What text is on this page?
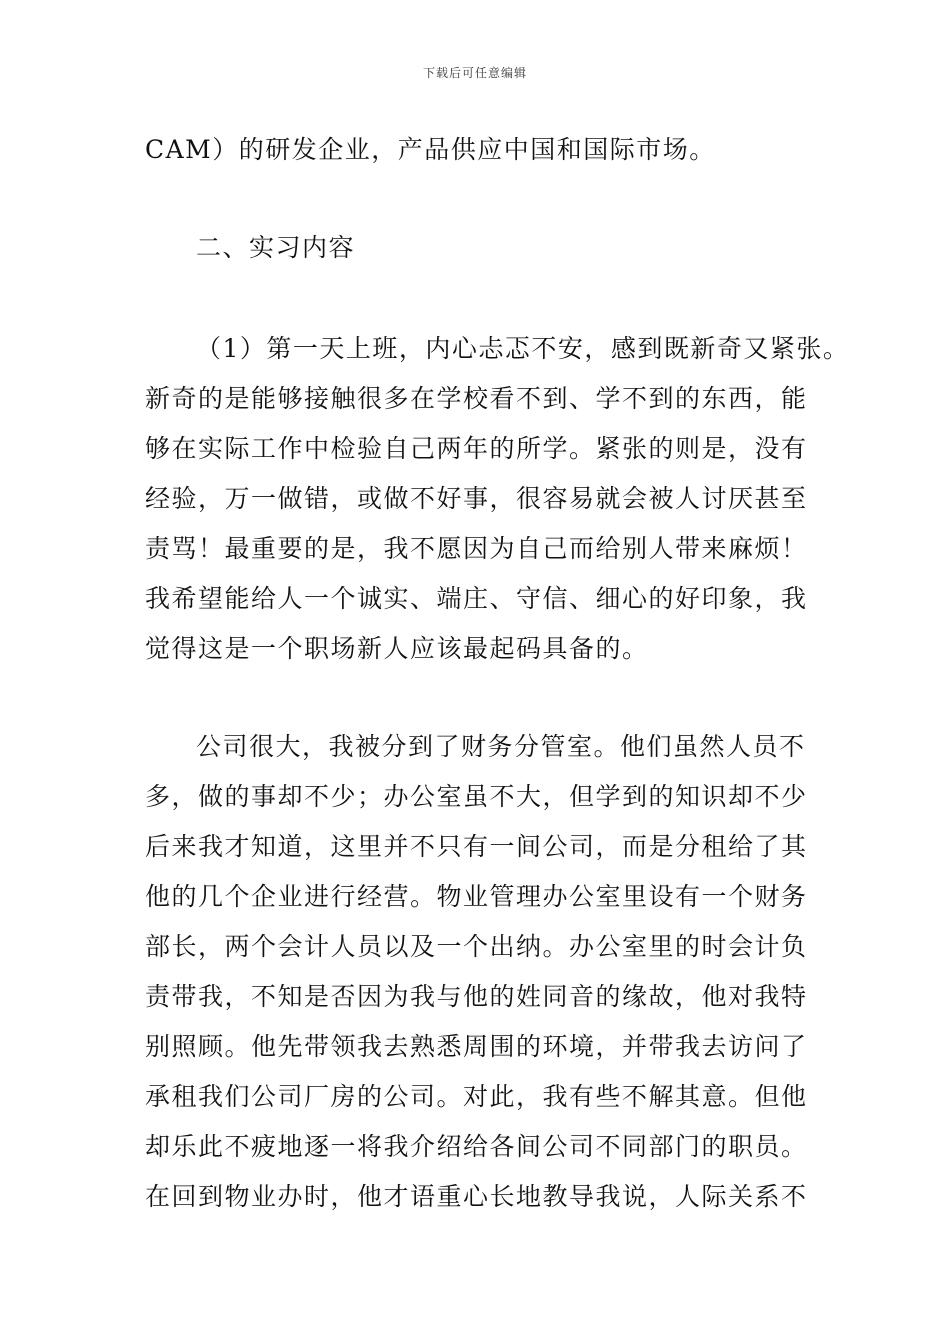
下载后可任意编辑
CAM）的研发企业，产品供应中国和国际市场。
二、实习内容
（1）第一天上班，内心忐忑不安，感到既新奇又紧张。
新奇的是能够接触很多在学校看不到、学不到的东西，能
够在实际工作中检验自己两年的所学。紧张的则是，没有
经验，万一做错，或做不好事，很容易就会被人讨厌甚至
责骂！最重要的是，我不愿因为自己而给别人带来麻烦！
我希望能给人一个诚实、端庄、守信、细心的好印象，我
觉得这是一个职场新人应该最起码具备的。
公司很大，我被分到了财务分管室。他们虽然人员不
多，做的事却不少；办公室虽不大，但学到的知识却不少
后来我才知道，这里并不只有一间公司，而是分租给了其
他的几个企业进行经营。物业管理办公室里设有一个财务
部长，两个会计人员以及一个出纳。办公室里的时会计负
责带我，不知是否因为我与他的姓同音的缘故，他对我特
别照顾。他先带领我去熟悉周围的环境，并带我去访问了
承租我们公司厂房的公司。对此，我有些不解其意。但他
却乐此不疲地逐一将我介绍给各间公司不同部门的职员。
在回到物业办时，他才语重心长地教导我说，人际关系不
